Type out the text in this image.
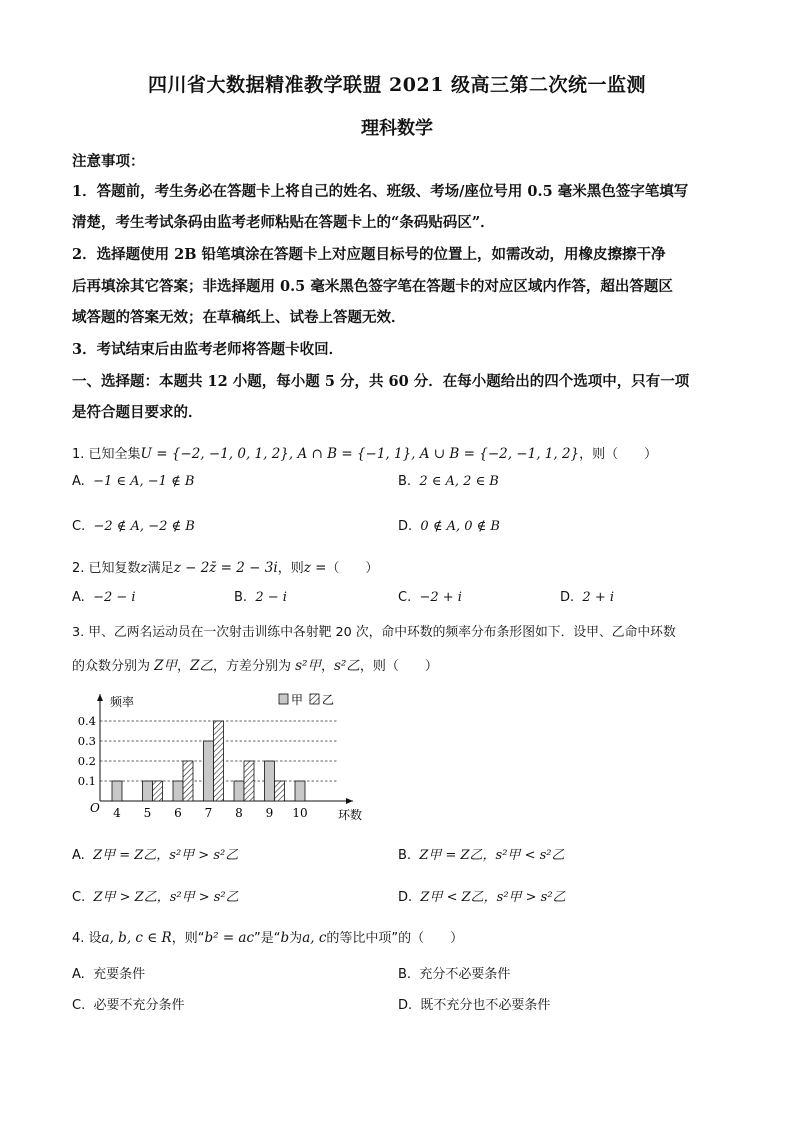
四川省大数据精准教学联盟 2021 级高三第二次统一监测
理科数学
注意事项：
1．答题前，考生务必在答题卡上将自己的姓名、班级、考场/座位号用 0.5 毫米黑色签字笔填写
清楚，考生考试条码由监考老师粘贴在答题卡上的“条码贴码区”．
2．选择题使用 2B 铅笔填涂在答题卡上对应题目标号的位置上，如需改动，用橡皮擦擦干净
后再填涂其它答案；非选择题用 0.5 毫米黑色签字笔在答题卡的对应区域内作答，超出答题区
域答题的答案无效；在草稿纸上、试卷上答题无效．
3．考试结束后由监考老师将答题卡收回．
一、选择题：本题共 12 小题，每小题 5 分，共 60 分．在每小题给出的四个选项中，只有一项
是符合题目要求的．
1. 已知全集U = {−2, −1, 0, 1, 2}, A ∩ B = {−1, 1}, A ∪ B = {−2, −1, 1, 2}，则（　　）
A. −1 ∈ A, −1 ∉ B	B. 2 ∈ A, 2 ∈ B
C. −2 ∉ A, −2 ∉ B	D. 0 ∉ A, 0 ∉ B
2. 已知复数z满足z − 2z̄ = 2 − 3i，则z =（　　）
A. −2 − i	B. 2 − i	C. −2 + i	D. 2 + i
3. 甲、乙两名运动员在一次射击训练中各射靶 20 次，命中环数的频率分布条形图如下．设甲、乙命中环数
的众数分别为 Z甲，Z乙，方差分别为 s²甲，s²乙，则（　　）
0.1
0.2
0.3
0.4
O
频率
环数
甲 乙
4 5 6 7 8 9 10
A. Z甲 = Z乙，s²甲 > s²乙	B. Z甲 = Z乙，s²甲 < s²乙
C. Z甲 > Z乙，s²甲 > s²乙	D. Z甲 < Z乙，s²甲 > s²乙
4. 设a, b, c ∈ R，则“b² = ac”是“b为a, c的等比中项”的（　　）
A. 充要条件	B. 充分不必要条件
C. 必要不充分条件	D. 既不充分也不必要条件
